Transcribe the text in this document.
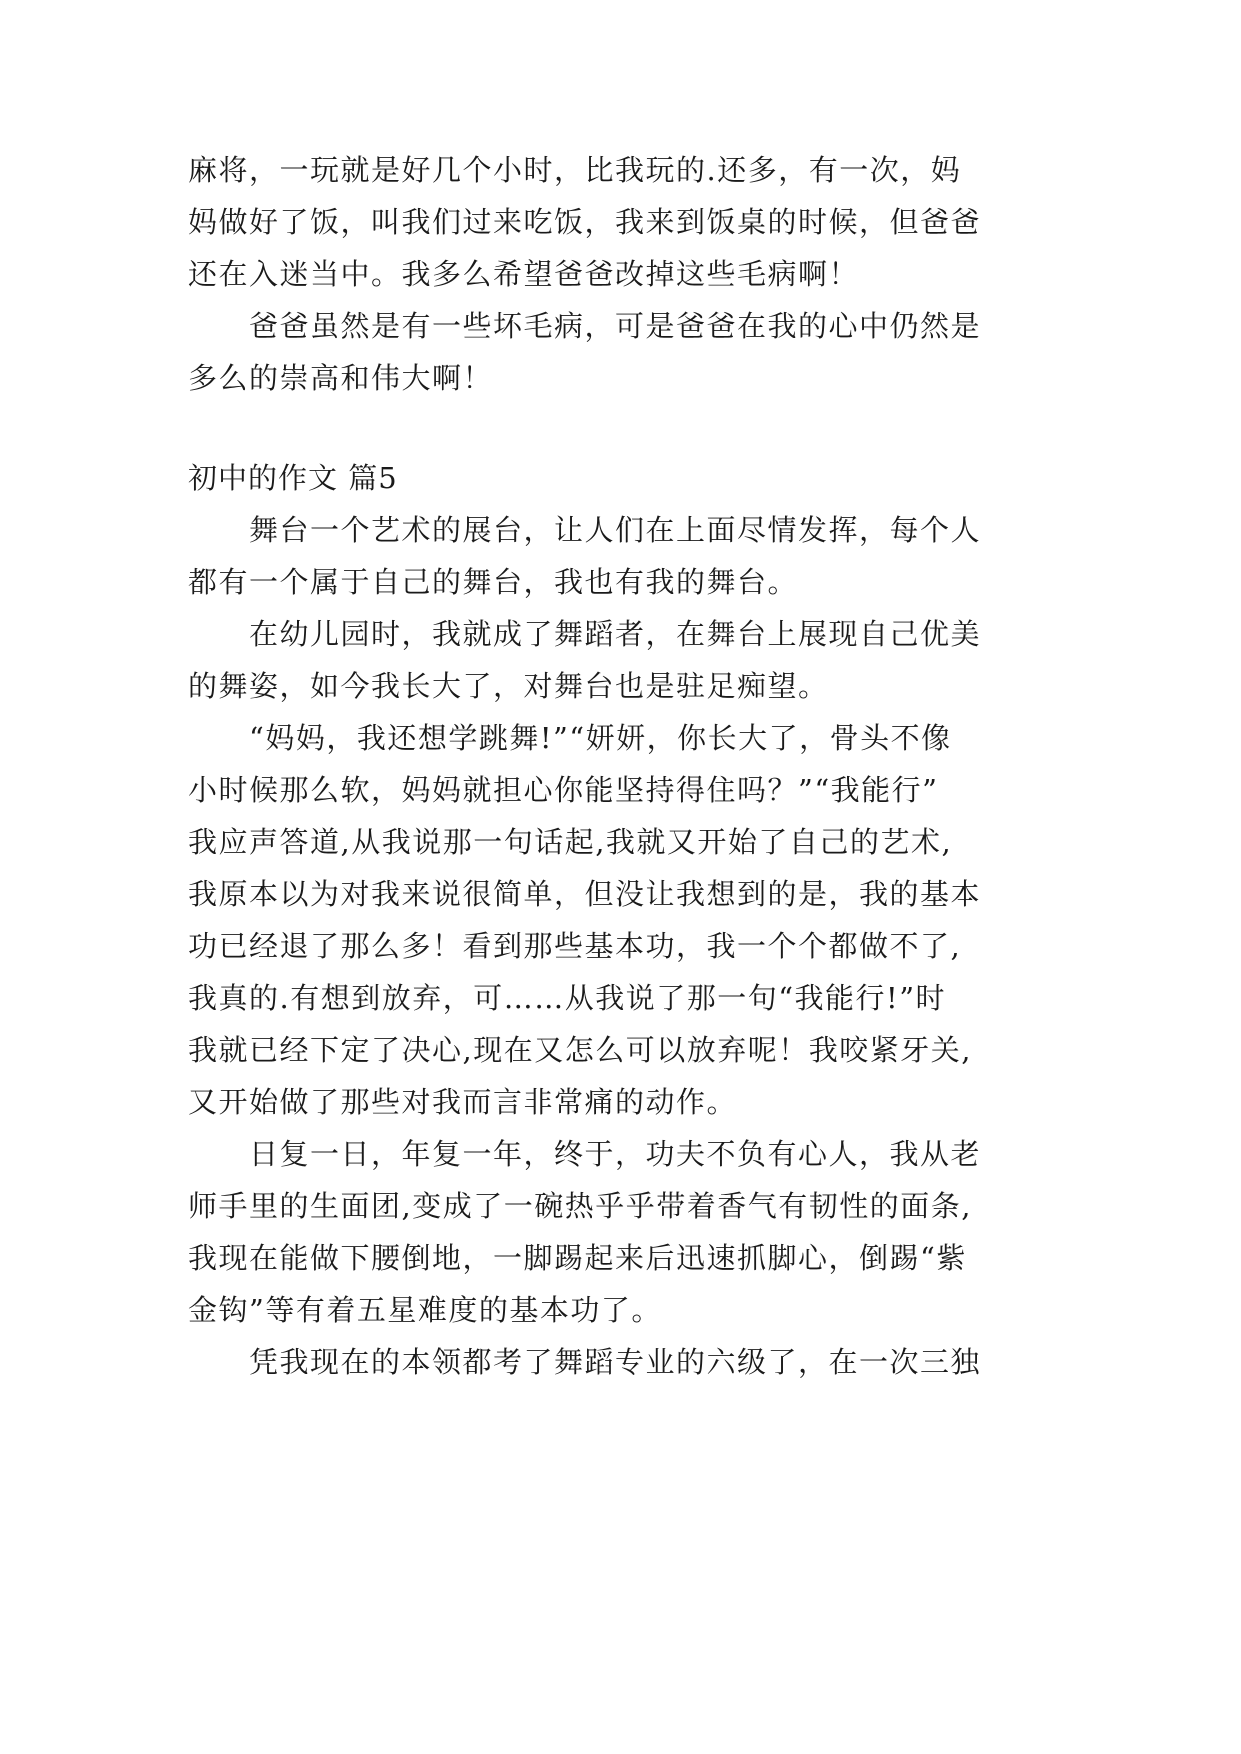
麻将，一玩就是好几个小时，比我玩的.还多，有一次，妈
妈做好了饭，叫我们过来吃饭，我来到饭桌的时候，但爸爸
还在入迷当中。我多么希望爸爸改掉这些毛病啊！
　　爸爸虽然是有一些坏毛病，可是爸爸在我的心中仍然是
多么的崇高和伟大啊！
初中的作文 篇5
　　舞台一个艺术的展台，让人们在上面尽情发挥，每个人
都有一个属于自己的舞台，我也有我的舞台。
　　在幼儿园时，我就成了舞蹈者，在舞台上展现自己优美
的舞姿，如今我长大了，对舞台也是驻足痴望。
　　“妈妈，我还想学跳舞!”“妍妍，你长大了，骨头不像
小时候那么软，妈妈就担心你能坚持得住吗？”“我能行”
我应声答道,从我说那一句话起,我就又开始了自己的艺术,
我原本以为对我来说很简单，但没让我想到的是，我的基本
功已经退了那么多！看到那些基本功，我一个个都做不了,
我真的.有想到放弃，可……从我说了那一句“我能行!”时
我就已经下定了决心,现在又怎么可以放弃呢！我咬紧牙关,
又开始做了那些对我而言非常痛的动作。
　　日复一日，年复一年，终于，功夫不负有心人，我从老
师手里的生面团,变成了一碗热乎乎带着香气有韧性的面条,
我现在能做下腰倒地，一脚踢起来后迅速抓脚心，倒踢“紫
金钩”等有着五星难度的基本功了。
　　凭我现在的本领都考了舞蹈专业的六级了，在一次三独
